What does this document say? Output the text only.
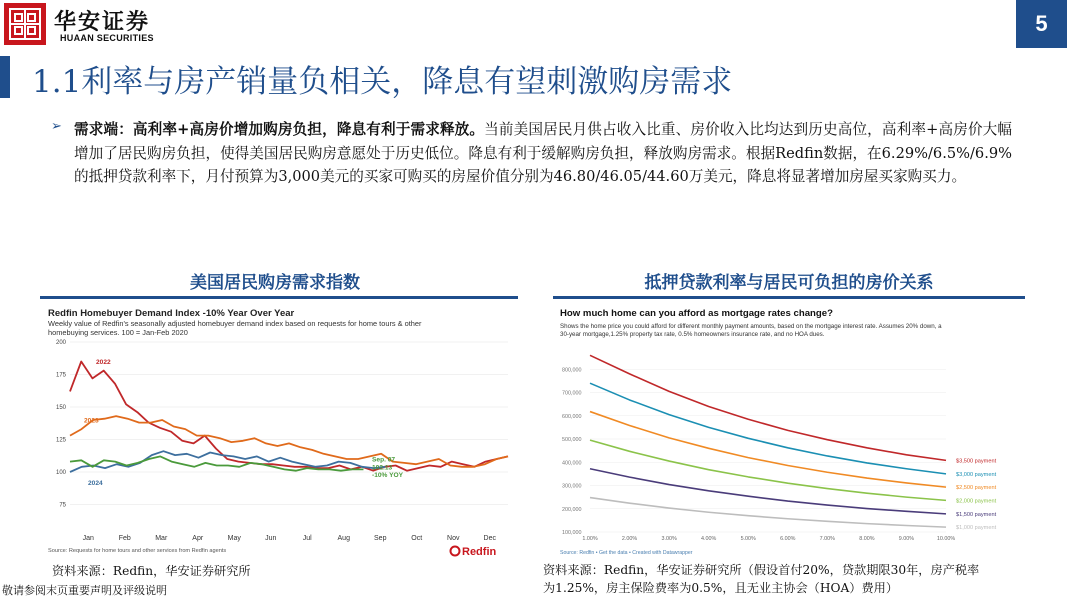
华安证券
HUAAN SECURITIES
5
1.1利率与房产销量负相关，降息有望刺激购房需求
➢ 需求端：高利率+高房价增加购房负担，降息有利于需求释放。当前美国居民月供占收入比重、房价收入比均达到历史高位，高利率+高房价大幅增加了居民购房负担，使得美国居民购房意愿处于历史低位。降息有利于缓解购房负担，释放购房需求。根据Redfin数据，在6.29%/6.5%/6.9%的抵押贷款利率下，月付预算为3,000美元的买家可购买的房屋价值分别为46.80/46.05/44.60万美元，降息将显著增加房屋买家购买力。
美国居民购房需求指数	抵押贷款利率与居民可负担的房价关系
Redfin Homebuyer Demand Index -10% Year Over Year
Weekly value of Redfin's seasonally adjusted homebuyer demand index based on requests for home tours & other
homebuying services. 100 = Jan-Feb 2020
75
100
125
150
175
200
Jan	Feb	Mar	Apr	May	Jun	Jul	Aug	Sep	Oct	Nov	Dec
2022
2023
2024
Sep. 07
102.13
-10% YOY
Source: Requests for home tours and other services from Redfin agents	Redfin
How much home can you afford as mortgage rates change?
Shows the home price you could afford for different monthly payment amounts, based on the mortgage interest rate. Assumes 20% down, a
30-year mortgage,1.25% property tax rate, 0.5% homeowners insurance rate, and no HOA dues.
100,000
200,000
300,000
400,000
500,000
600,000
700,000
800,000
1.00%	2.00%	3.00%	4.00%	5.00%	6.00%	7.00%	8.00%	9.00%	10.00%
$3,500 payment
$3,000 payment
$2,500 payment
$2,000 payment
$1,500 payment
$1,000 payment
Source: Redfin • Get the data • Created with Datawrapper
资料来源：Redfin，华安证券研究所	资料来源：Redfin，华安证券研究所（假设首付20%，贷款期限30年，房产税率
为1.25%，房主保险费率为0.5%，且无业主协会（HOA）费用）
敬请参阅末页重要声明及评级说明
